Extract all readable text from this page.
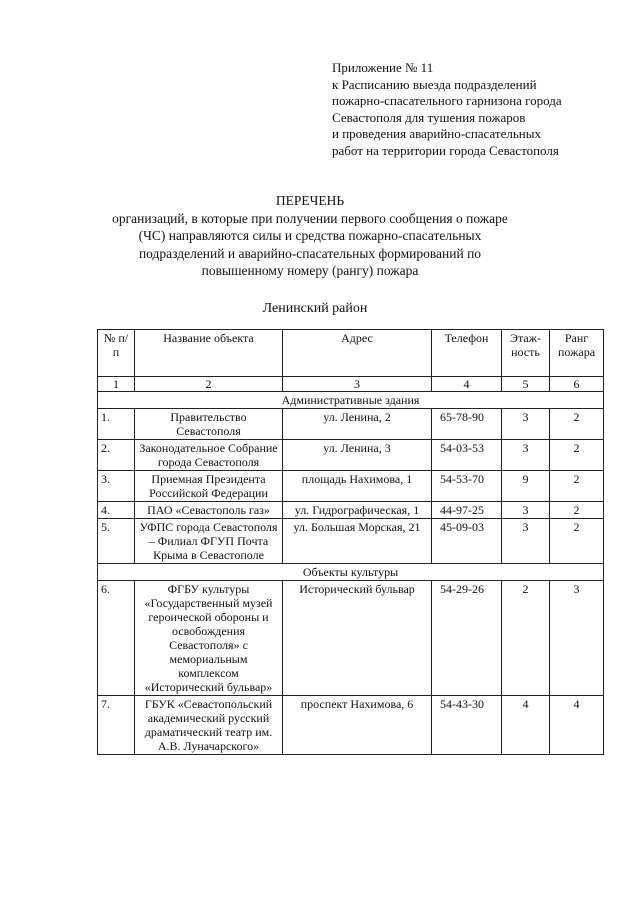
Приложение № 11
к Расписанию выезда подразделений
пожарно-спасательного гарнизона города
Севастополя для тушения пожаров
и проведения аварийно-спасательных
работ на территории города Севастополя
ПЕРЕЧЕНЬ
организаций, в которые при получении первого сообщения о пожаре
(ЧС) направляются силы и средства пожарно-спасательных
подразделений и аварийно-спасательных формирований по
повышенному номеру (рангу) пожара
Ленинский район
№ п/п	Название объекта	Адрес	Телефон	Этаж-ность	Ранг пожара
1	2	3	4	5	6
Административные здания					
1.	Правительство Севастополя	ул. Ленина, 2	65-78-90	3	2
2.	Законодательное Собрание города Севастополя	ул. Ленина, 3	54-03-53	3	2
3.	Приемная Президента Российской Федерации	площадь Нахимова, 1	54-53-70	9	2
4.	ПАО «Севастополь газ»	ул. Гидрографическая, 1	44-97-25	3	2
5.	УФПС города Севастополя – Филиал ФГУП Почта Крыма в Севастополе	ул. Большая Морская, 21	45-09-03	3	2
Объекты культуры					
6.	ФГБУ культуры «Государственный музей героической обороны и освобождения Севастополя» с мемориальным комплексом «Исторический бульвар»	Исторический бульвар	54-29-26	2	3
7.	ГБУК «Севастопольский академический русский драматический театр им. А.В. Луначарского»	проспект Нахимова, 6	54-43-30	4	4
